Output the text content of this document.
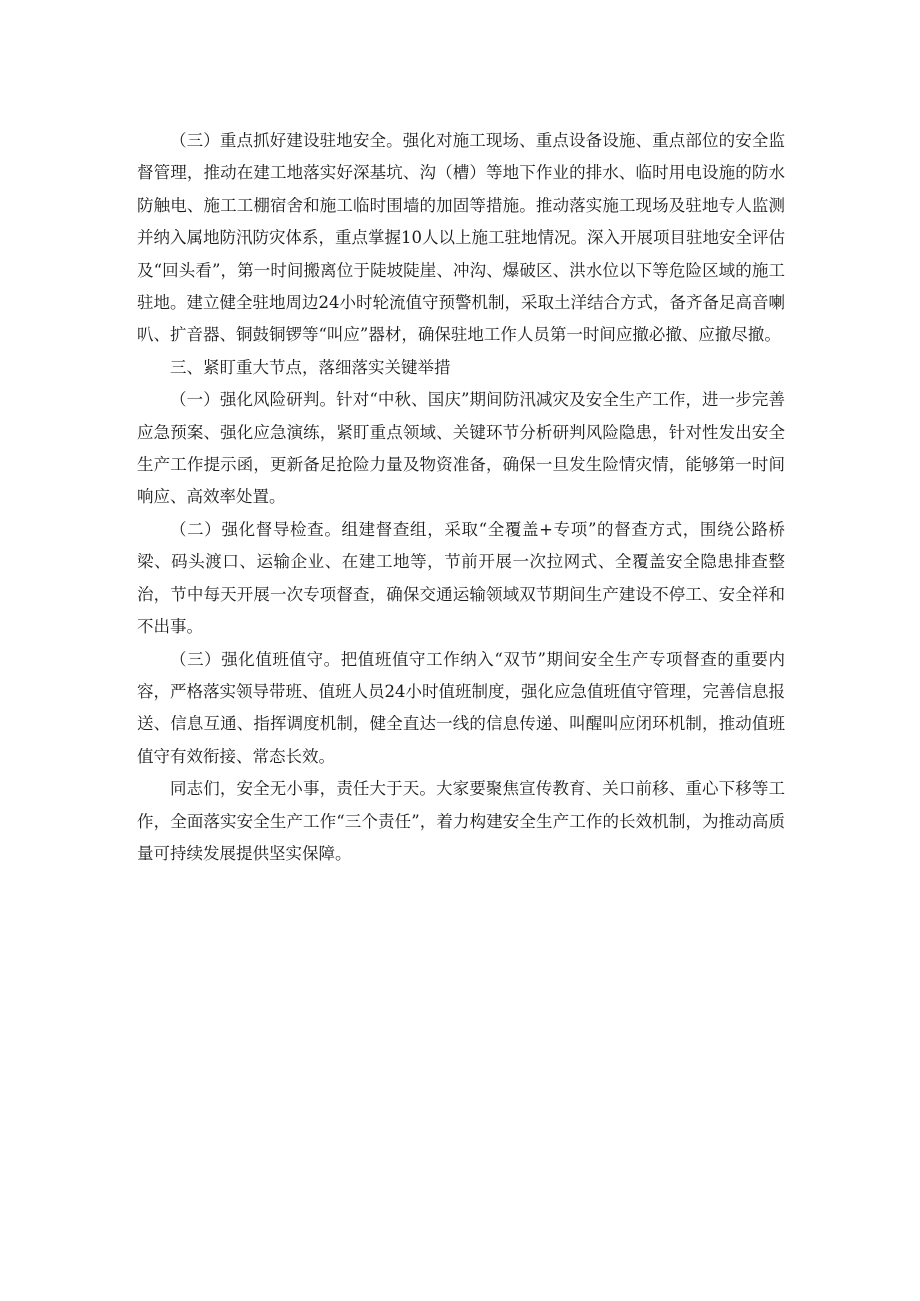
（三）重点抓好建设驻地安全。强化对施工现场、重点设备设施、重点部位的安全监督管理，推动在建工地落实好深基坑、沟（槽）等地下作业的排水、临时用电设施的防水防触电、施工工棚宿舍和施工临时围墙的加固等措施。推动落实施工现场及驻地专人监测并纳入属地防汛防灾体系，重点掌握10人以上施工驻地情况。深入开展项目驻地安全评估及“回头看”，第一时间搬离位于陡坡陡崖、冲沟、爆破区、洪水位以下等危险区域的施工驻地。建立健全驻地周边24小时轮流值守预警机制，采取土洋结合方式，备齐备足高音喇叭、扩音器、铜鼓铜锣等“叫应”器材，确保驻地工作人员第一时间应撤必撤、应撤尽撤。

三、紧盯重大节点，落细落实关键举措

（一）强化风险研判。针对“中秋、国庆”期间防汛减灾及安全生产工作，进一步完善应急预案、强化应急演练，紧盯重点领域、关键环节分析研判风险隐患，针对性发出安全生产工作提示函，更新备足抢险力量及物资准备，确保一旦发生险情灾情，能够第一时间响应、高效率处置。

（二）强化督导检查。组建督查组，采取“全覆盖+专项”的督查方式，围绕公路桥梁、码头渡口、运输企业、在建工地等，节前开展一次拉网式、全覆盖安全隐患排查整治，节中每天开展一次专项督查，确保交通运输领域双节期间生产建设不停工、安全祥和不出事。

（三）强化值班值守。把值班值守工作纳入“双节”期间安全生产专项督查的重要内容，严格落实领导带班、值班人员24小时值班制度，强化应急值班值守管理，完善信息报送、信息互通、指挥调度机制，健全直达一线的信息传递、叫醒叫应闭环机制，推动值班值守有效衔接、常态长效。

同志们，安全无小事，责任大于天。大家要聚焦宣传教育、关口前移、重心下移等工作，全面落实安全生产工作“三个责任”，着力构建安全生产工作的长效机制，为推动高质量可持续发展提供坚实保障。
